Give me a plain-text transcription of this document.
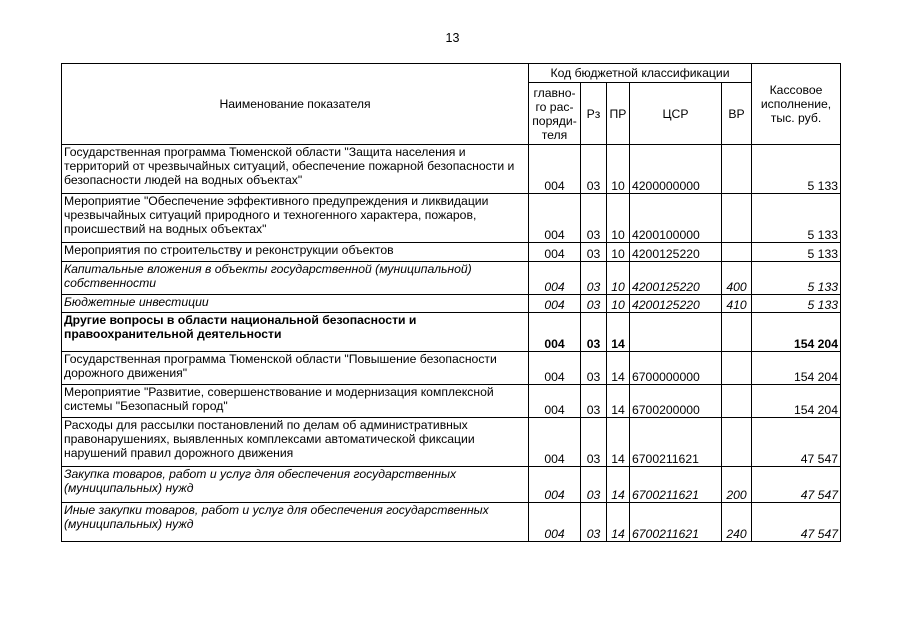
13
Наименование показателя	Код бюджетной классификации					Кассовое исполнение, тыс. руб.
	главно-го рас-поряди-теля	Рз	ПР	ЦСР	ВР	
Государственная программа Тюменской области "Защита населения и территорий от чрезвычайных ситуаций, обеспечение пожарной безопасности и безопасности людей на водных объектах"	004	03	10	4200000000		5 133
Мероприятие "Обеспечение эффективного предупреждения и ликвидации чрезвычайных ситуаций природного и техногенного характера, пожаров, происшествий на водных объектах"	004	03	10	4200100000		5 133
Мероприятия по строительству и реконструкции объектов	004	03	10	4200125220		5 133
Капитальные вложения в объекты государственной (муниципальной) собственности	004	03	10	4200125220	400	5 133
Бюджетные инвестиции	004	03	10	4200125220	410	5 133
Другие вопросы в области национальной безопасности и правоохранительной деятельности	004	03	14			154 204
Государственная программа Тюменской области "Повышение безопасности дорожного движения"	004	03	14	6700000000		154 204
Мероприятие "Развитие, совершенствование и модернизация комплексной системы "Безопасный город"	004	03	14	6700200000		154 204
Расходы для рассылки постановлений по делам об административных правонарушениях, выявленных комплексами автоматической фиксации нарушений правил дорожного движения	004	03	14	6700211621		47 547
Закупка товаров, работ и услуг для обеспечения государственных (муниципальных) нужд	004	03	14	6700211621	200	47 547
Иные закупки товаров, работ и услуг для обеспечения государственных (муниципальных) нужд	004	03	14	6700211621	240	47 547
